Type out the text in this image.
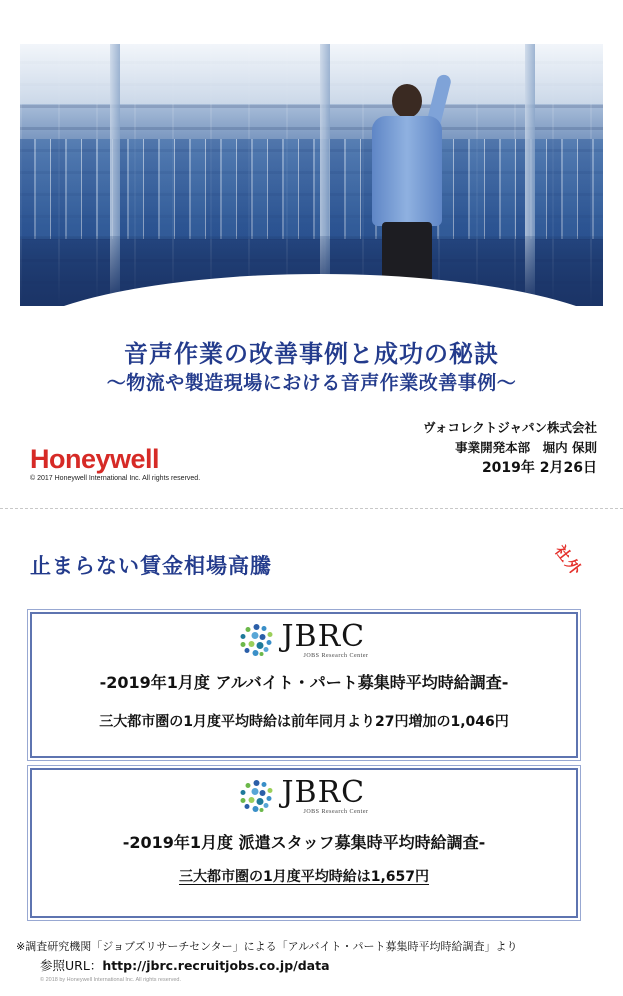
音声作業の改善事例と成功の秘訣
〜物流や製造現場における音声作業改善事例〜
ヴォコレクトジャパン株式会社
事業開発本部　堀内 保則
2019年 2月26日
Honeywell
© 2017 Honeywell International Inc. All rights reserved.
止まらない賃金相場高騰	社外
JBRC
JOBS Research Center
-2019年1月度 アルバイト・パート募集時平均時給調査-
三大都市圏の1月度平均時給は前年同月より27円増加の1,046円
JBRC
JOBS Research Center
-2019年1月度 派遣スタッフ募集時平均時給調査-
三大都市圏の1月度平均時給は1,657円
※調査研究機関「ジョブズリサーチセンター」による「アルバイト・パート募集時平均時給調査」より
参照URL：http://jbrc.recruitjobs.co.jp/data
© 2018 by Honeywell International Inc. All rights reserved.
